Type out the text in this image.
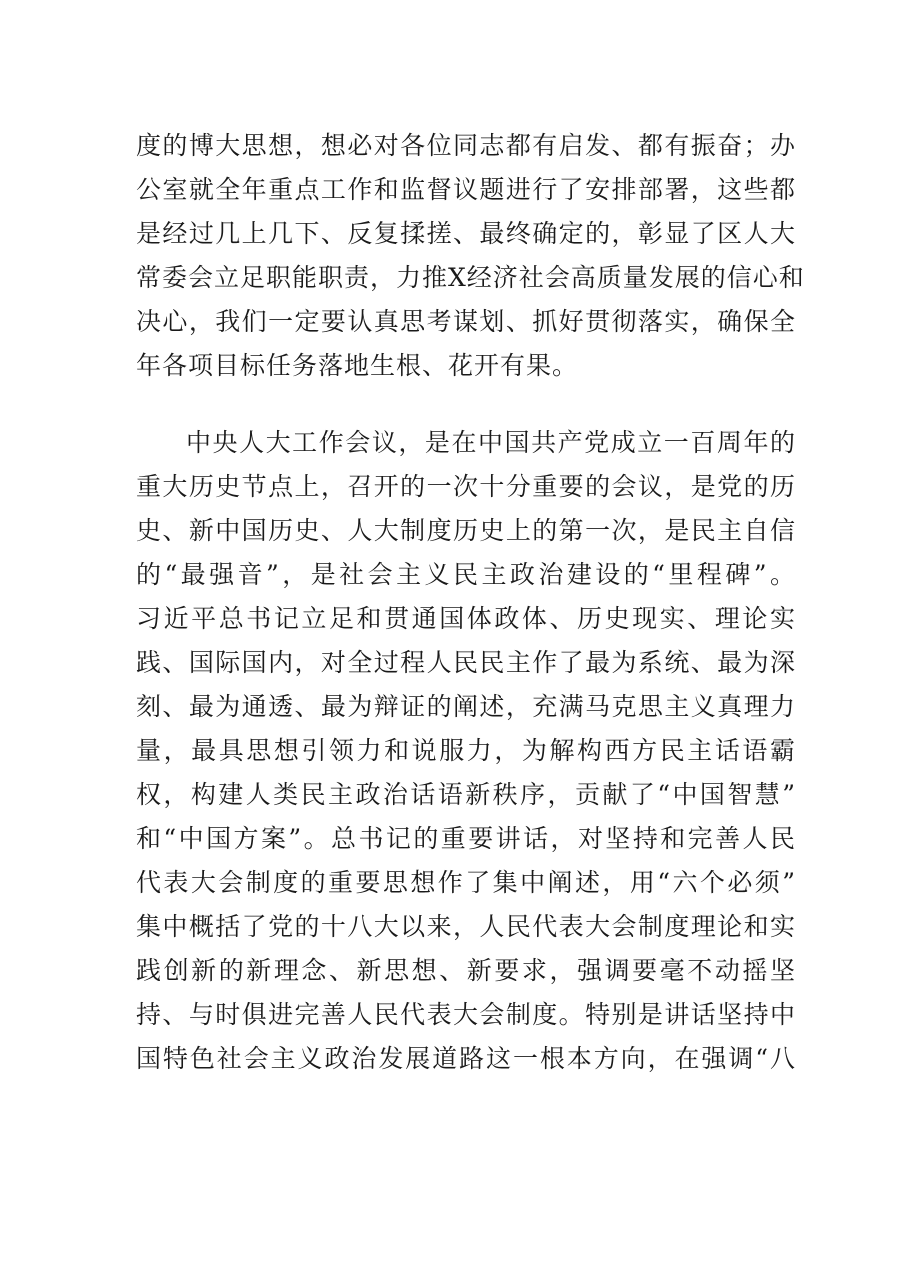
度的博大思想，想必对各位同志都有启发、都有振奋；办
公室就全年重点工作和监督议题进行了安排部署，这些都
是经过几上几下、反复揉搓、最终确定的，彰显了区人大
常委会立足职能职责，力推X经济社会高质量发展的信心和
决心，我们一定要认真思考谋划、抓好贯彻落实，确保全
年各项目标任务落地生根、花开有果。
中央人大工作会议，是在中国共产党成立一百周年的
重大历史节点上，召开的一次十分重要的会议，是党的历
史、新中国历史、人大制度历史上的第一次，是民主自信
的“最强音”，是社会主义民主政治建设的“里程碑”。
习近平总书记立足和贯通国体政体、历史现实、理论实
践、国际国内，对全过程人民民主作了最为系统、最为深
刻、最为通透、最为辩证的阐述，充满马克思主义真理力
量，最具思想引领力和说服力，为解构西方民主话语霸
权，构建人类民主政治话语新秩序，贡献了“中国智慧”
和“中国方案”。总书记的重要讲话，对坚持和完善人民
代表大会制度的重要思想作了集中阐述，用“六个必须”
集中概括了党的十八大以来，人民代表大会制度理论和实
践创新的新理念、新思想、新要求，强调要毫不动摇坚
持、与时俱进完善人民代表大会制度。特别是讲话坚持中
国特色社会主义政治发展道路这一根本方向，在强调“八
